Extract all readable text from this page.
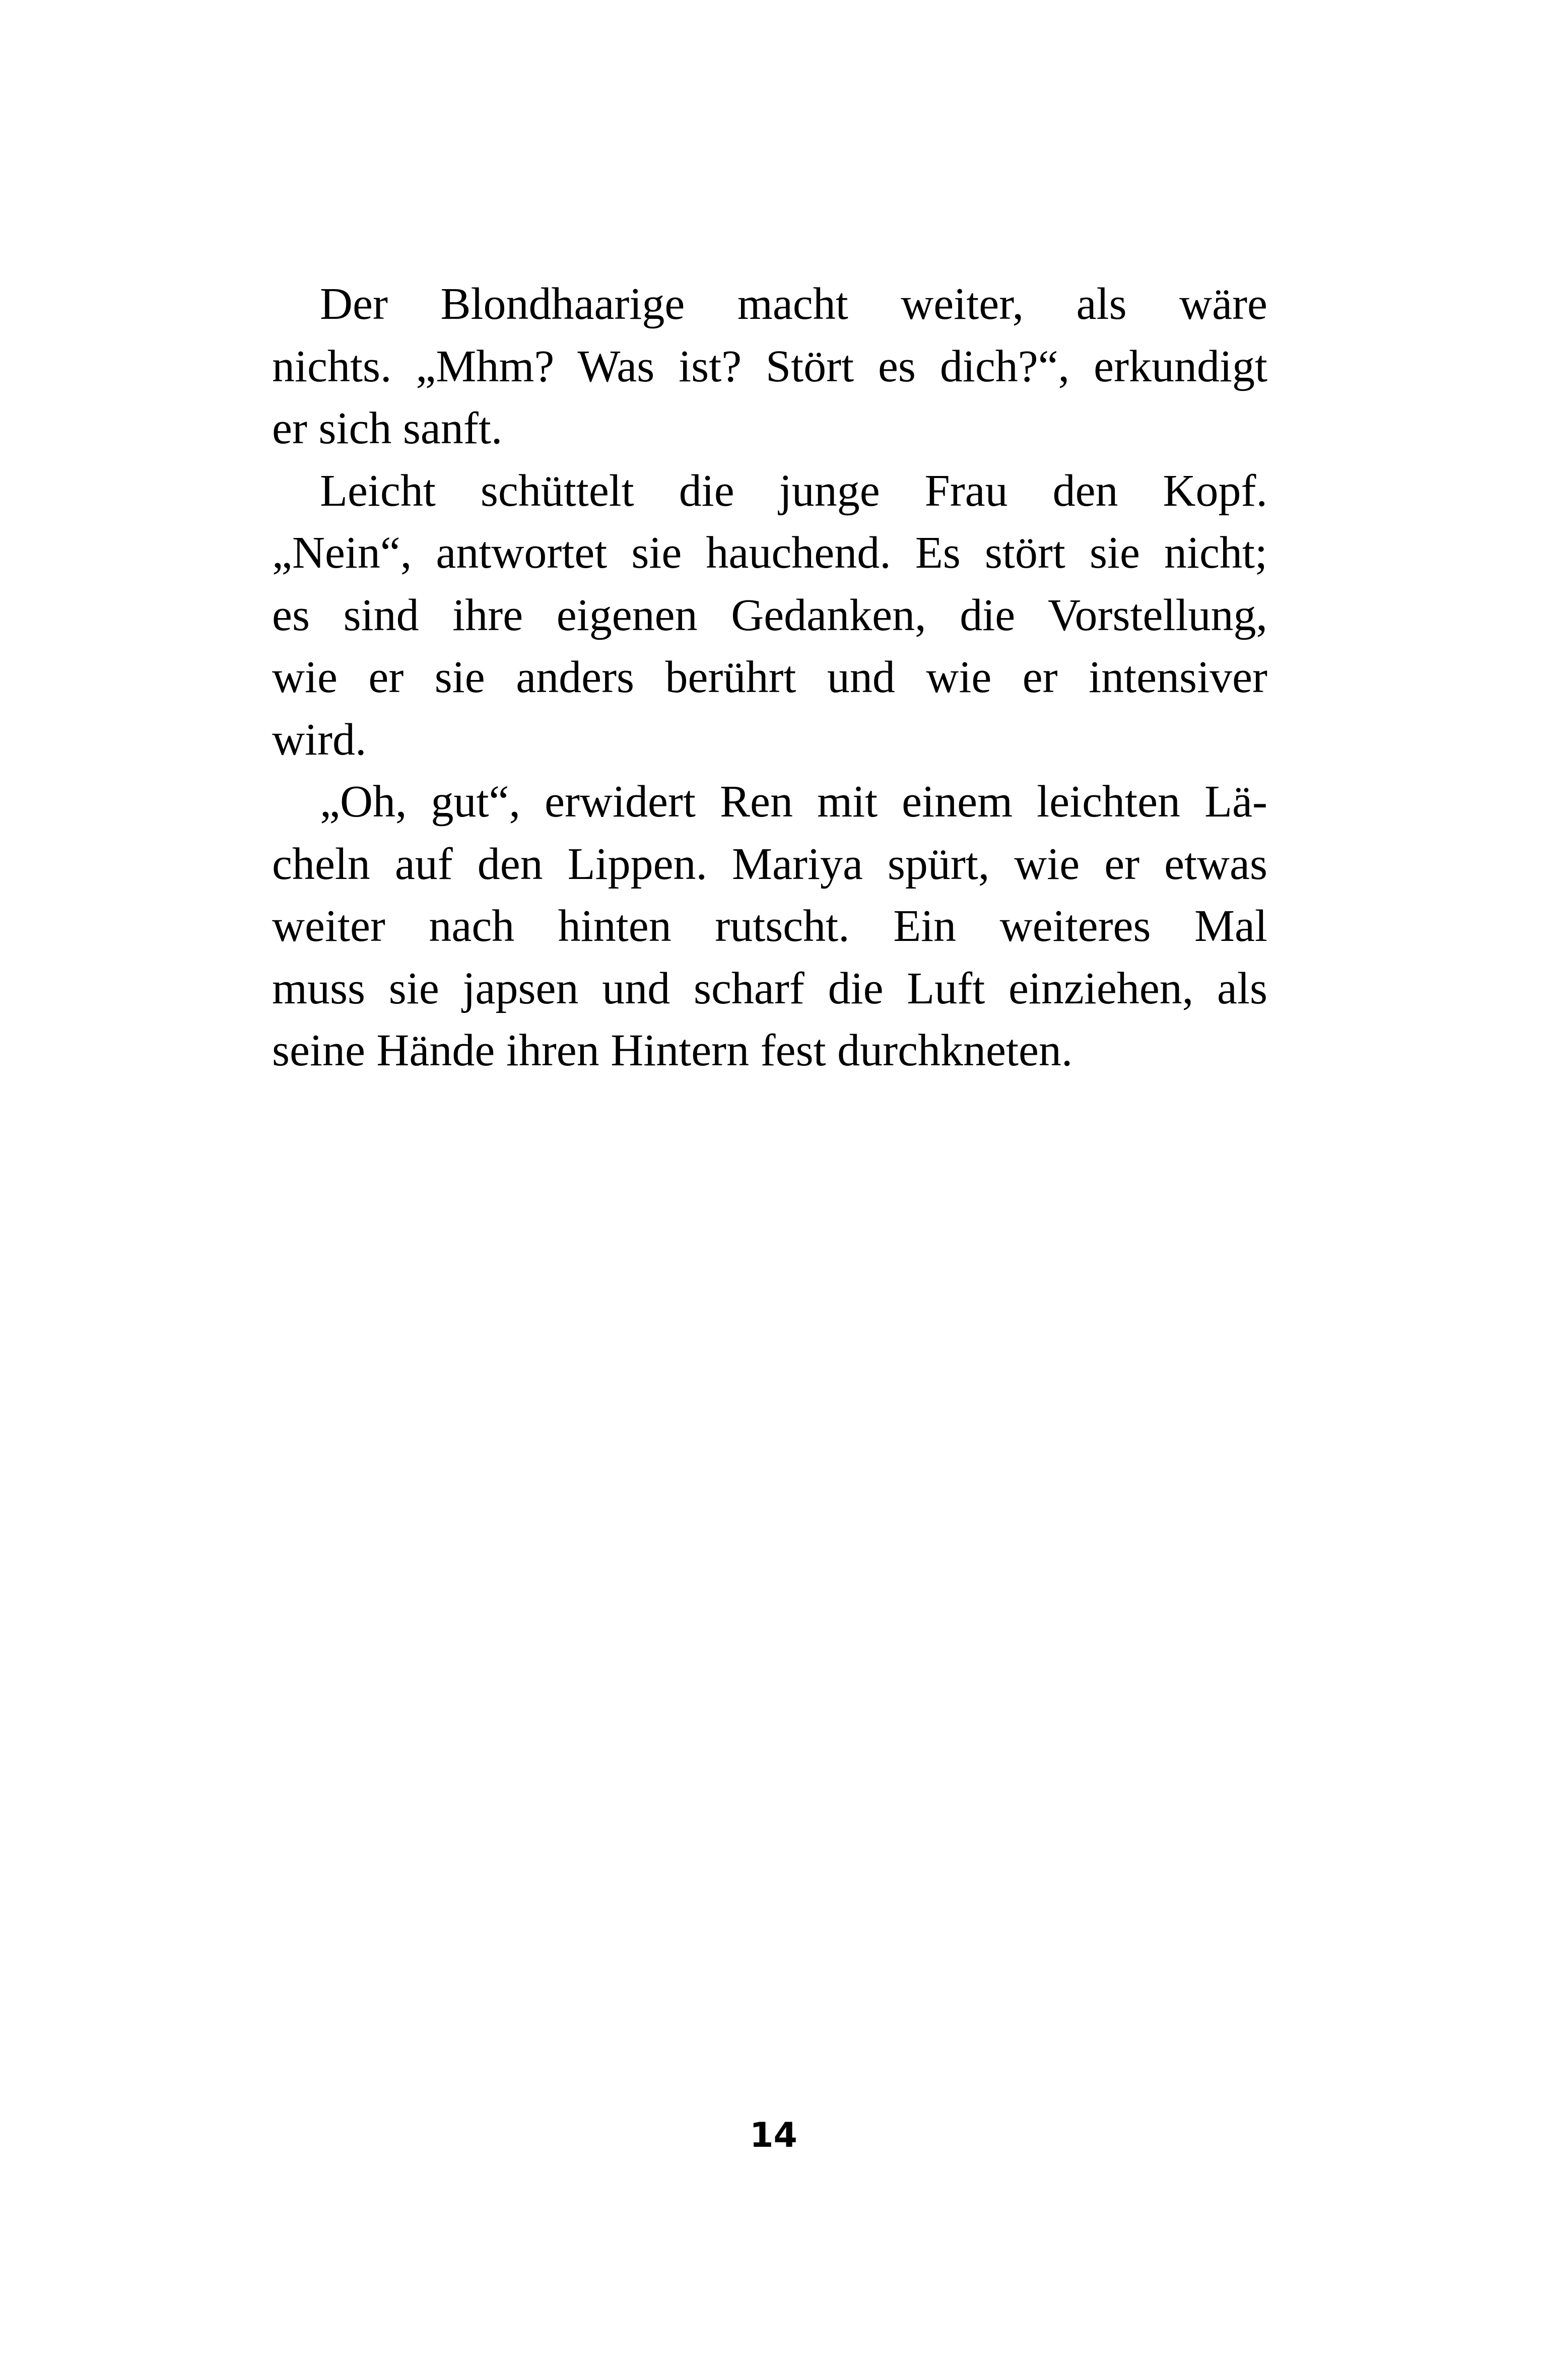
Der Blondhaarige macht weiter, als wäre
nichts. „Mhm? Was ist? Stört es dich?“, erkundigt
er sich sanft.
Leicht schüttelt die junge Frau den Kopf.
„Nein“, antwortet sie hauchend. Es stört sie nicht;
es sind ihre eigenen Gedanken, die Vorstellung,
wie er sie anders berührt und wie er intensiver
wird.
„Oh, gut“, erwidert Ren mit einem leichten Lä-
cheln auf den Lippen. Mariya spürt, wie er etwas
weiter nach hinten rutscht. Ein weiteres Mal
muss sie japsen und scharf die Luft einziehen, als
seine Hände ihren Hintern fest durchkneten.
14
